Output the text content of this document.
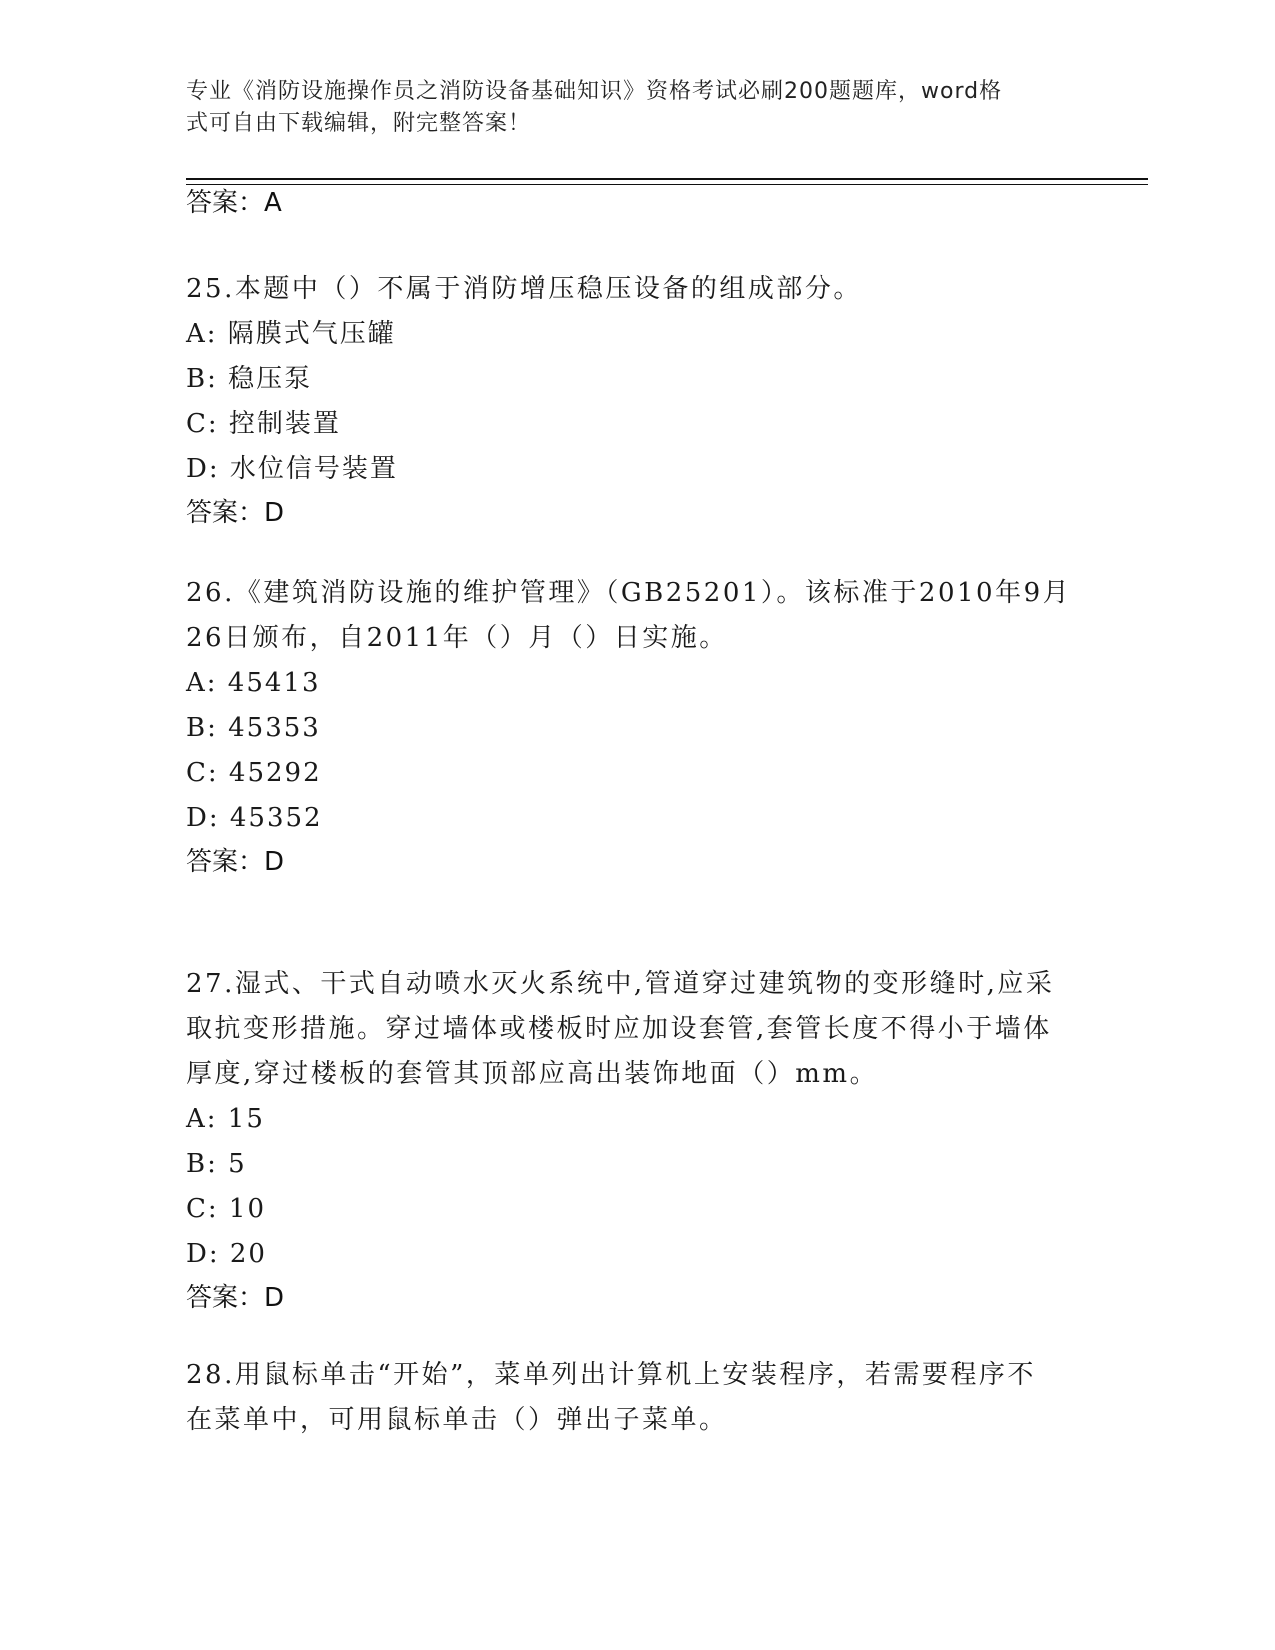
专业《消防设施操作员之消防设备基础知识》资格考试必刷200题题库，word格
式可自由下载编辑，附完整答案！
答案：A
25.本题中（）不属于消防增压稳压设备的组成部分。
A: 隔膜式气压罐
B: 稳压泵
C: 控制装置
D: 水位信号装置
答案：D
26.《建筑消防设施的维护管理》（GB25201）。该标准于2010年9月
26日颁布，自2011年（）月（）日实施。
A: 45413
B: 45353
C: 45292
D: 45352
答案：D
27.湿式、干式自动喷水灭火系统中,管道穿过建筑物的变形缝时,应采
取抗变形措施。穿过墙体或楼板时应加设套管,套管长度不得小于墙体
厚度,穿过楼板的套管其顶部应高出装饰地面（）mm。
A: 15
B: 5
C: 10
D: 20
答案：D
28.用鼠标单击“开始”，菜单列出计算机上安装程序，若需要程序不
在菜单中，可用鼠标单击（）弹出子菜单。
